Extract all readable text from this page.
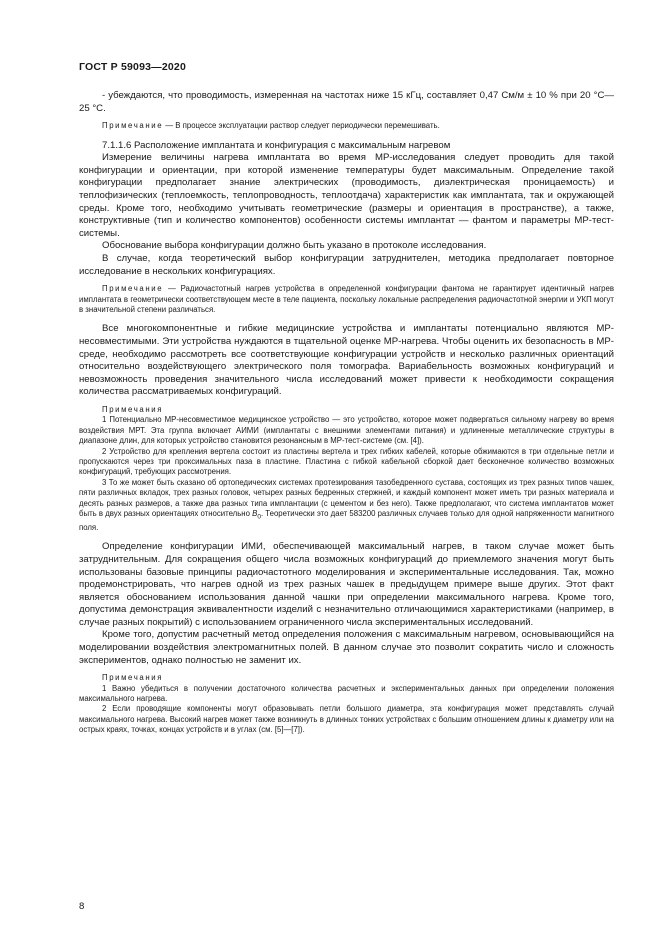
ГОСТ Р 59093—2020

- убеждаются, что проводимость, измеренная на частотах ниже 15 кГц, составляет 0,47 См/м ± 10 % при 20 °С—25 °С.

Примечание — В процессе эксплуатации раствор следует периодически перемешивать.

7.1.1.6 Расположение имплантата и конфигурация с максимальным нагревом

Измерение величины нагрева имплантата во время МР-исследования следует проводить для такой конфигурации и ориентации, при которой изменение температуры будет максимальным. Определение такой конфигурации предполагает знание электрических (проводимость, диэлектрическая проницаемость) и теплофизических (теплоемкость, теплопроводность, теплоотдача) характеристик как имплантата, так и окружающей среды. Кроме того, необходимо учитывать геометрические (размеры и ориентация в пространстве), а также, конструктивные (тип и количество компонентов) особенности системы имплантат — фантом и параметры МР-тест-системы.

Обоснование выбора конфигурации должно быть указано в протоколе исследования.

В случае, когда теоретический выбор конфигурации затруднителен, методика предполагает повторное исследование в нескольких конфигурациях.

Примечание — Радиочастотный нагрев устройства в определенной конфигурации фантома не гарантирует идентичный нагрев имплантата в геометрически соответствующем месте в теле пациента, поскольку локальные распределения радиочастотной энергии и УКП могут в значительной степени различаться.

Все многокомпонентные и гибкие медицинские устройства и имплантаты потенциально являются МР-несовместимыми. Эти устройства нуждаются в тщательной оценке МР-нагрева. Чтобы оценить их безопасность в МР-среде, необходимо рассмотреть все соответствующие конфигурации устройств и несколько различных ориентаций относительно воздействующего электрического поля томографа. Вариабельность возможных конфигураций и невозможность проведения значительного числа исследований может привести к необходимости сокращения количества рассматриваемых конфигураций.

Примечания

1 Потенциально МР-несовместимое медицинское устройство — это устройство, которое может подвергаться сильному нагреву во время воздействия МРТ. Эта группа включает АИМИ (имплантаты с внешними элементами питания) и удлиненные металлические структуры в диапазоне длин, для которых устройство становится резонансным в МР-тест-системе (см. [4]).

2 Устройство для крепления вертела состоит из пластины вертела и трех гибких кабелей, которые обжимаются в три отдельные петли и пропускаются через три проксимальных паза в пластине. Пластина с гибкой кабельной сборкой дает бесконечное количество возможных конфигураций, требующих рассмотрения.

3 То же может быть сказано об ортопедических системах протезирования тазобедренного сустава, состоящих из трех разных типов чашек, пяти различных вкладок, трех разных головок, четырех разных бедренных стержней, и каждый компонент может иметь три разных материала и десять разных размеров, а также два разных типа имплантации (с цементом и без него). Также предполагают, что система имплантатов может быть в двух разных ориентациях относительно $B_0$. Теоретически это дает 583200 различных случаев только для одной напряженности магнитного поля.

Определение конфигурации ИМИ, обеспечивающей максимальный нагрев, в таком случае может быть затруднительным. Для сокращения общего числа возможных конфигураций до приемлемого значения могут быть использованы базовые принципы радиочастотного моделирования и экспериментальные исследования. Так, можно продемонстрировать, что нагрев одной из трех разных чашек в предыдущем примере выше других. Этот факт является обоснованием использования данной чашки при определении максимального нагрева. Кроме того, допустима демонстрация эквивалентности изделий с незначительно отличающимися характеристиками (например, в случае разных покрытий) с использованием ограниченного числа экспериментальных исследований.

Кроме того, допустим расчетный метод определения положения с максимальным нагревом, основывающийся на моделировании воздействия электромагнитных полей. В данном случае это позволит сократить число и сложность экспериментов, однако полностью не заменит их.

Примечания

1 Важно убедиться в получении достаточного количества расчетных и экспериментальных данных при определении положения максимального нагрева.

2 Если проводящие компоненты могут образовывать петли большого диаметра, эта конфигурация может представлять случай максимального нагрева. Высокий нагрев может также возникнуть в длинных тонких устройствах с большим отношением длины к диаметру или на острых краях, точках, концах устройств и в углах (см. [5]—[7]).

8
